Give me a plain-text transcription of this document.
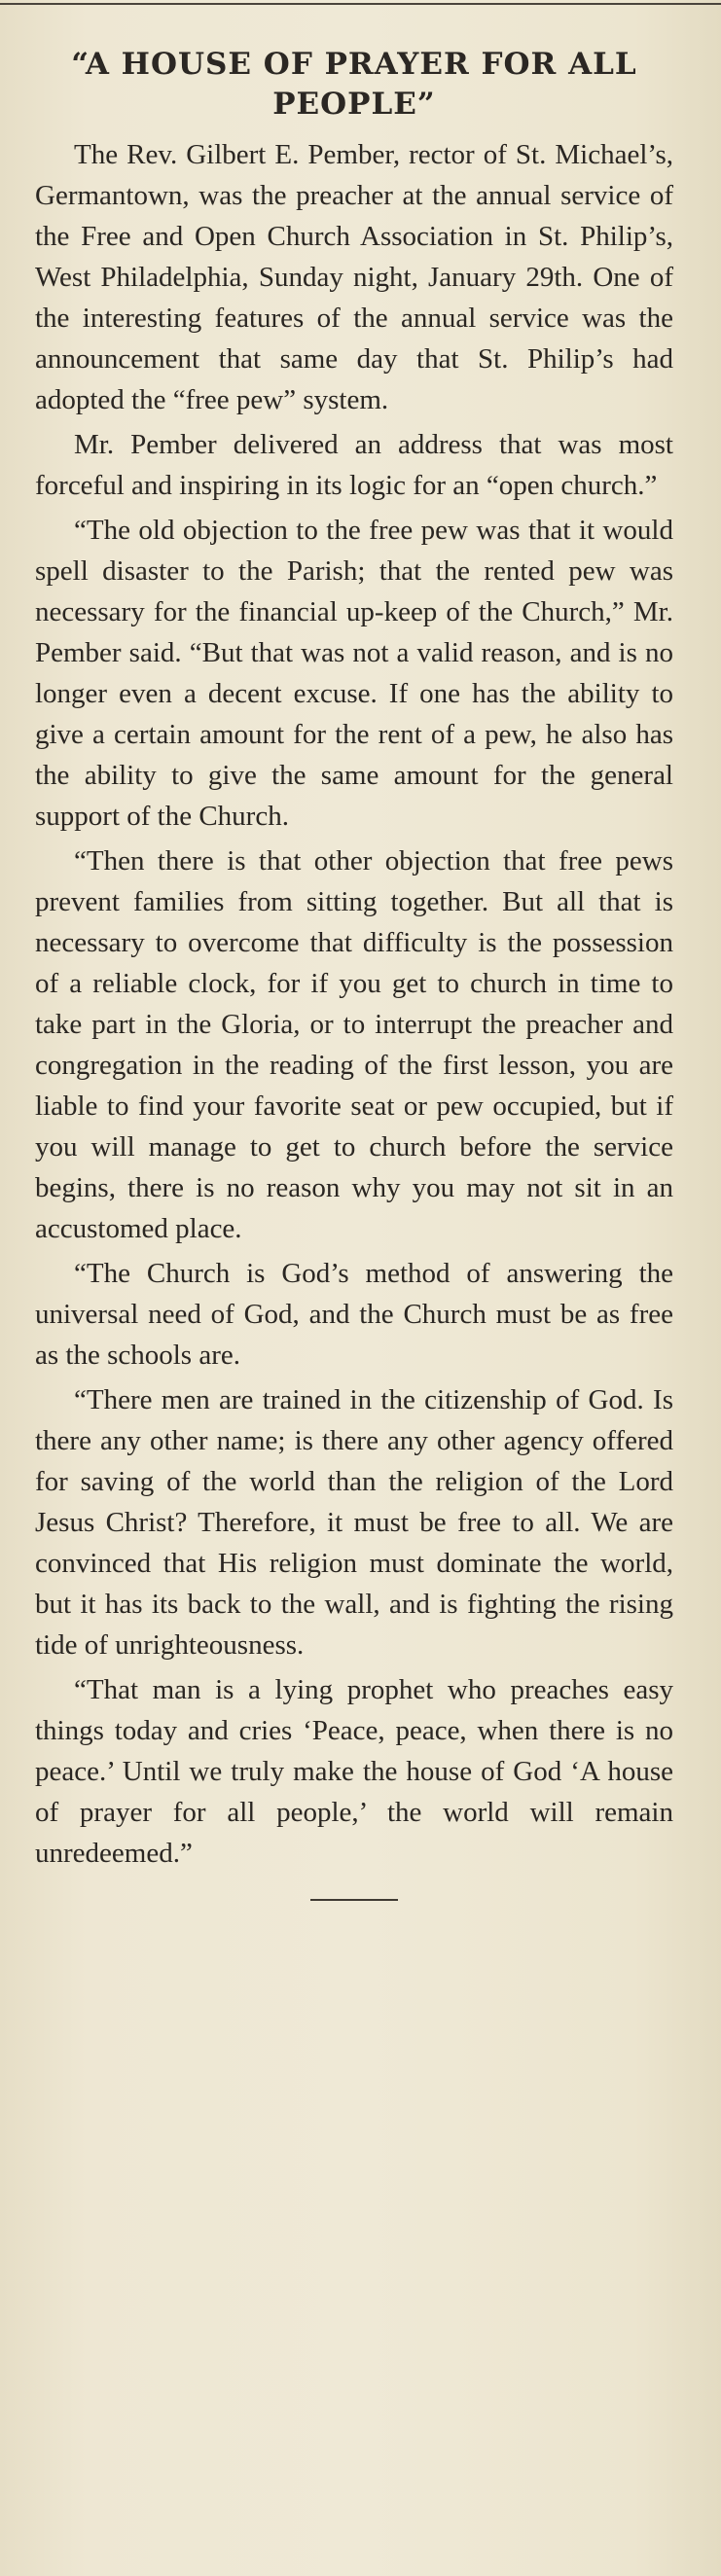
“A HOUSE OF PRAYER FOR ALL PEOPLE”

The Rev. Gilbert E. Pember, rector of St. Michael’s, Germantown, was the preacher at the annual service of the Free and Open Church Association in St. Philip’s, West Philadelphia, Sunday night, January 29th. One of the interesting features of the annual service was the announcement that same day that St. Philip’s had adopted the “free pew” system.

Mr. Pember delivered an address that was most forceful and inspiring in its logic for an “open church.”

“The old objection to the free pew was that it would spell disaster to the Parish; that the rented pew was necessary for the financial up-keep of the Church,” Mr. Pember said. “But that was not a valid reason, and is no longer even a decent excuse. If one has the ability to give a certain amount for the rent of a pew, he also has the ability to give the same amount for the general support of the Church.

“Then there is that other objection that free pews prevent families from sitting together. But all that is necessary to overcome that difficulty is the possession of a reliable clock, for if you get to church in time to take part in the Gloria, or to interrupt the preacher and congregation in the reading of the first lesson, you are liable to find your favorite seat or pew occupied, but if you will manage to get to church before the service begins, there is no reason why you may not sit in an accustomed place.

“The Church is God’s method of answering the universal need of God, and the Church must be as free as the schools are.

“There men are trained in the citizenship of God. Is there any other name; is there any other agency offered for saving of the world than the religion of the Lord Jesus Christ? Therefore, it must be free to all. We are convinced that His religion must dominate the world, but it has its back to the wall, and is fighting the rising tide of unrighteousness.

“That man is a lying prophet who preaches easy things today and cries ‘Peace, peace, when there is no peace.’ Until we truly make the house of God ‘A house of prayer for all people,’ the world will remain unredeemed.”
